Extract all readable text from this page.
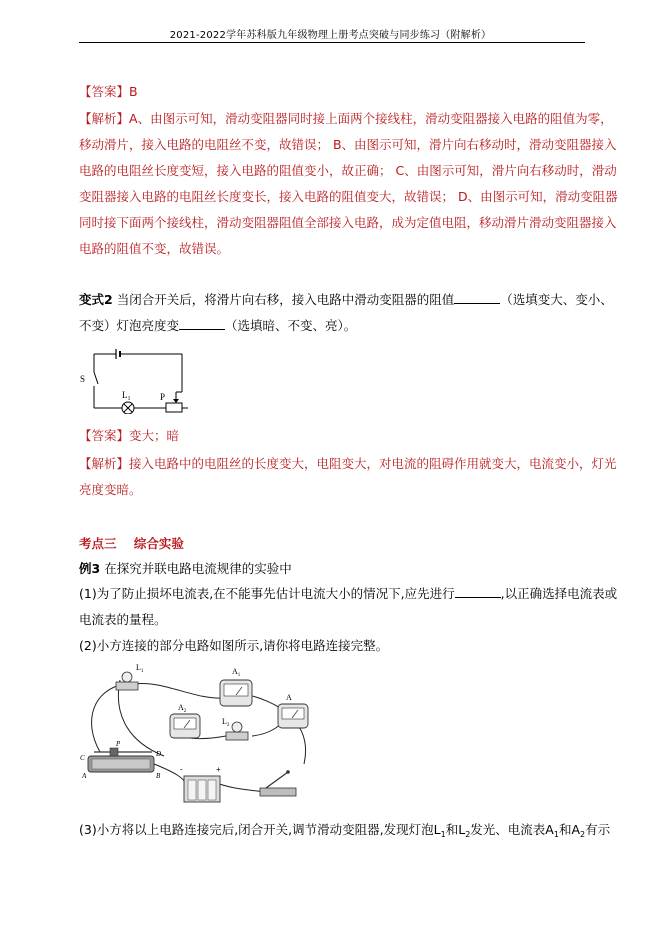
2021-2022学年苏科版九年级物理上册考点突破与同步练习（附解析）
【答案】B
【解析】A、由图示可知，滑动变阻器同时接上面两个接线柱，滑动变阻器接入电路的阻值为零，
移动滑片，接入电路的电阻丝不变，故错误； B、由图示可知，滑片向右移动时，滑动变阻器接入
电路的电阻丝长度变短，接入电路的阻值变小，故正确； C、由图示可知，滑片向右移动时，滑动
变阻器接入电路的电阻丝长度变长，接入电路的阻值变大，故错误； D、由图示可知，滑动变阻器
同时接下面两个接线柱，滑动变阻器阻值全部接入电路，成为定值电阻，移动滑片滑动变阻器接入
电路的阻值不变，故错误。
变式2 当闭合开关后，将滑片向右移，接入电路中滑动变阻器的阻值	（选填变大、变小、
不变）灯泡亮度变	（选填暗、不变、亮）。
S
$L_1$	P
【答案】变大；暗
【解析】接入电路中的电阻丝的长度变大，电阻变大，对电流的阻碍作用就变大，电流变小，灯光
亮度变暗。
考点三    综合实验
例3 在探究并联电路电流规律的实验中
(1)为了防止损坏电流表,在不能事先估计电流大小的情况下,应先进行	,以正确选择电流表或
电流表的量程。
(2)小方连接的部分电路如图所示,请你将电路连接完整。
$L_1$	$A_1$
$A_2$
$L_2$
A
P
C
A
D
B
-	+
(3)小方将以上电路连接完后,闭合开关,调节滑动变阻器,发现灯泡$L_1$和$L_2$发光、电流表$A_1$和$A_2$有示
